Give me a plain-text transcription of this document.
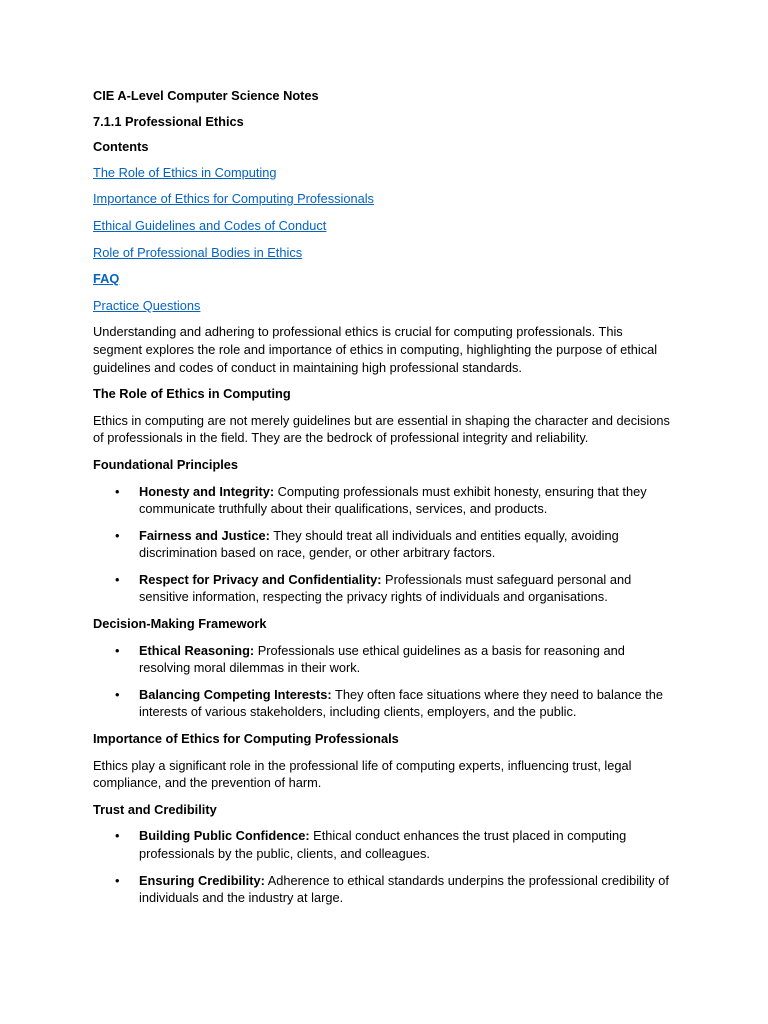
CIE A-Level Computer Science Notes

7.1.1 Professional Ethics

Contents

The Role of Ethics in Computing
Importance of Ethics for Computing Professionals
Ethical Guidelines and Codes of Conduct
Role of Professional Bodies in Ethics
FAQ
Practice Questions

Understanding and adhering to professional ethics is crucial for computing professionals. This segment explores the role and importance of ethics in computing, highlighting the purpose of ethical guidelines and codes of conduct in maintaining high professional standards.

The Role of Ethics in Computing

Ethics in computing are not merely guidelines but are essential in shaping the character and decisions of professionals in the field. They are the bedrock of professional integrity and reliability.

Foundational Principles

• Honesty and Integrity: Computing professionals must exhibit honesty, ensuring that they communicate truthfully about their qualifications, services, and products.
• Fairness and Justice: They should treat all individuals and entities equally, avoiding discrimination based on race, gender, or other arbitrary factors.
• Respect for Privacy and Confidentiality: Professionals must safeguard personal and sensitive information, respecting the privacy rights of individuals and organisations.

Decision-Making Framework

• Ethical Reasoning: Professionals use ethical guidelines as a basis for reasoning and resolving moral dilemmas in their work.
• Balancing Competing Interests: They often face situations where they need to balance the interests of various stakeholders, including clients, employers, and the public.

Importance of Ethics for Computing Professionals

Ethics play a significant role in the professional life of computing experts, influencing trust, legal compliance, and the prevention of harm.

Trust and Credibility

• Building Public Confidence: Ethical conduct enhances the trust placed in computing professionals by the public, clients, and colleagues.
• Ensuring Credibility: Adherence to ethical standards underpins the professional credibility of individuals and the industry at large.
